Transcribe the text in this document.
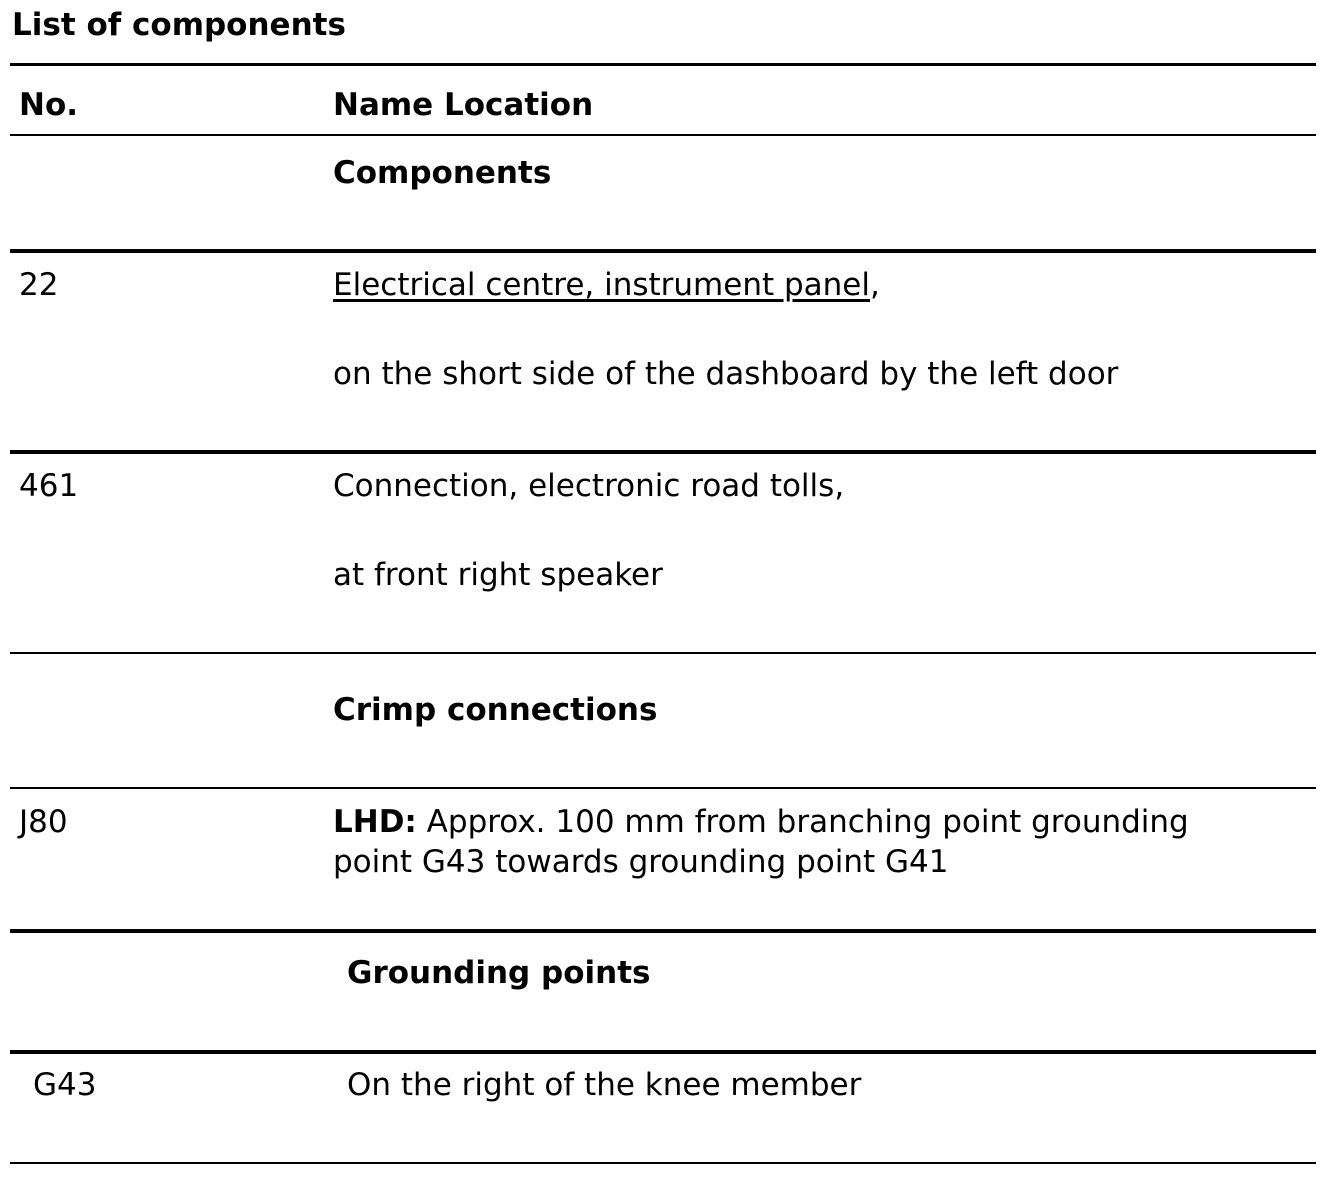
List of components
No.	Name Location
Components
22	Electrical centre, instrument panel,
on the short side of the dashboard by the left door
461	Connection, electronic road tolls,
at front right speaker
Crimp connections
J80	LHD: Approx. 100 mm from branching point grounding
point G43 towards grounding point G41
Grounding points
G43	On the right of the knee member
